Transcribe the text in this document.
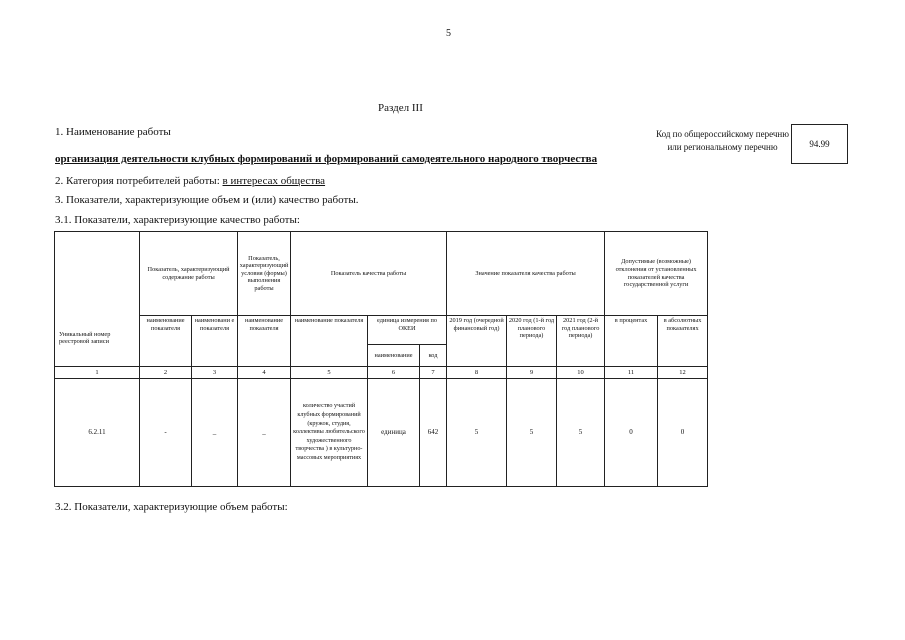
5
Раздел III
1. Наименование работы
организация деятельности клубных формирований и формирований самодеятельного народного творчества
Код по общероссийскому перечню или региональному перечню	94.99
2. Категория потребителей работы: в интересах общества
3. Показатели, характеризующие объем и (или) качество работы.
3.1. Показатели, характеризующие качество работы:
Уникальный номер реестровой записи	Показатель, характеризующий содержание работы		Показатель, характеризующий условия (формы) выполнения работы	Показатель качества работы			Значение показателя качества работы			Допустимые (возможные) отклонения от установленных показателей качества государственной услуги	
	наименование показателя	наименовани е показателя	наименование показателя	наименование показателя	единица измерения по ОКЕИ		2019 год (очередной финансовый год)	2020 год (1-й год планового периода)	2021 год (2-й год планового периода)	в процентах	в абсолютных показателях
					наименование	код					
1	2	3	4	5	6	7	8	9	10	11	12
6.2.11	-	_	_	количество участий клубных формирований (кружок, студия, коллективы любительского художественного творчества ) в культурно-массовых мероприятиях	единица	642	5	5	5	0	0
3.2. Показатели, характеризующие объем работы:
